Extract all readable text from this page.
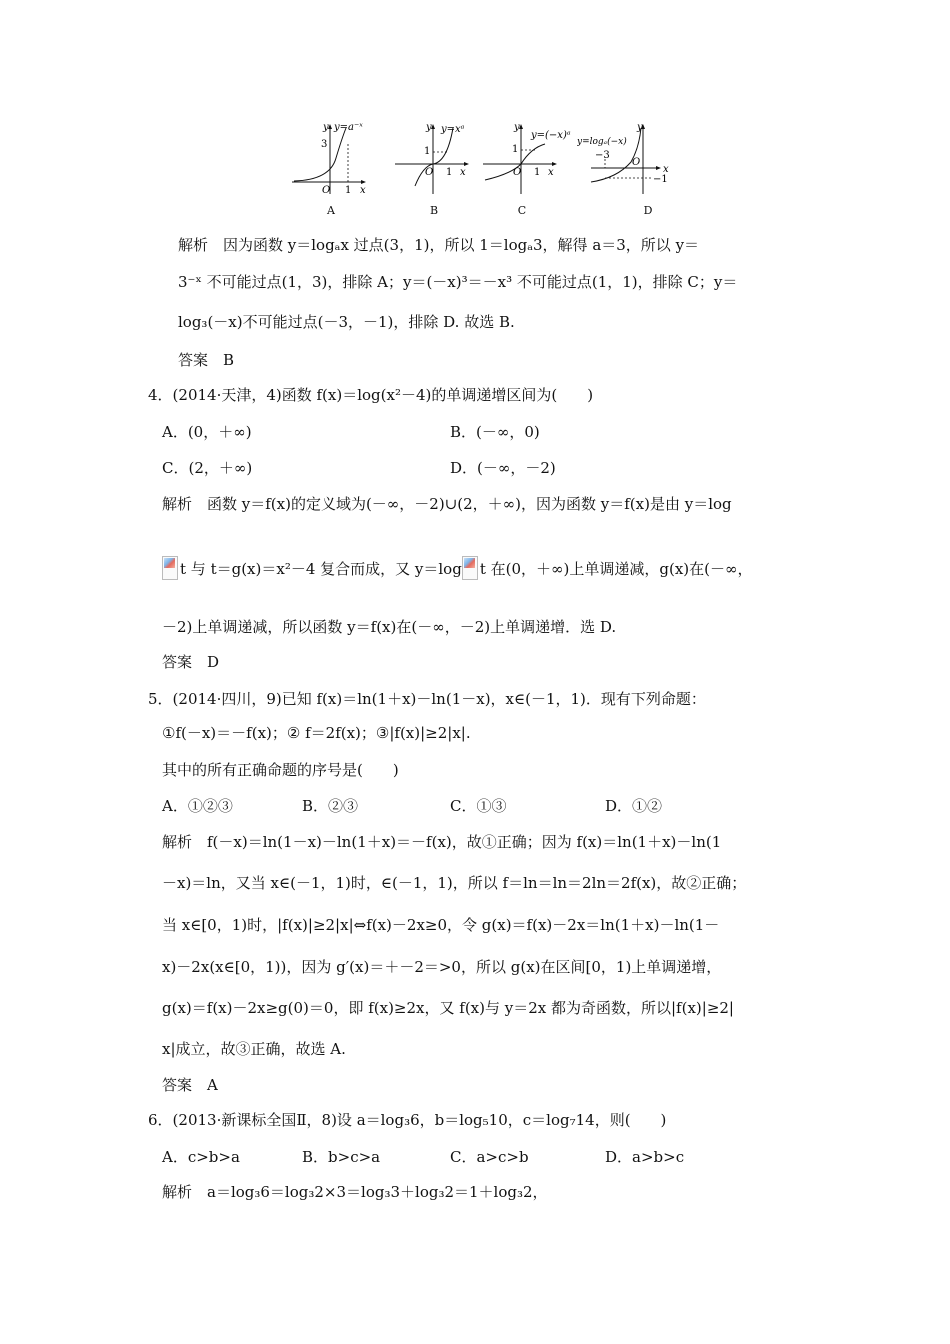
y y=a⁻ˣ
3
O 1 x
A
y y=xᵃ
1
O 1 x
B
y
y=(−x)ᵃ
1
O 1 x
C
y=logₐ(−x)
y
−3
O
x
−1
D
解析　因为函数 y＝logₐx 过点(3，1)，所以 1＝logₐ3，解得 a＝3，所以 y＝
3⁻ˣ 不可能过点(1，3)，排除 A；y＝(－x)³＝－x³ 不可能过点(1，1)，排除 C；y＝
log₃(－x)不可能过点(－3，－1)，排除 D. 故选 B.
答案　B
4．(2014·天津，4)函数 f(x)＝log(x²－4)的单调递增区间为(　　)
A．(0，＋∞)	B．(－∞，0)
C．(2，＋∞)	D．(－∞，－2)
解析　函数 y＝f(x)的定义域为(－∞，－2)∪(2，＋∞)，因为函数 y＝f(x)是由 y＝log
t 与 t＝g(x)＝x²－4 复合而成，又 y＝log t 在(0，＋∞)上单调递减，g(x)在(－∞，
－2)上单调递减，所以函数 y＝f(x)在(－∞，－2)上单调递增．选 D.
答案　D
5．(2014·四川，9)已知 f(x)＝ln(1＋x)－ln(1－x)，x∈(－1，1)．现有下列命题：
①f(－x)＝－f(x)；② f＝2f(x)；③|f(x)|≥2|x|.
其中的所有正确命题的序号是(　　)
A．①②③	B．②③	C．①③	D．①②
解析　f(－x)＝ln(1－x)－ln(1＋x)＝－f(x)，故①正确；因为 f(x)＝ln(1＋x)－ln(1
－x)＝ln，又当 x∈(－1，1)时，∈(－1，1)，所以 f＝ln＝ln＝2ln＝2f(x)，故②正确；
当 x∈[0，1)时，|f(x)|≥2|x|⇔f(x)－2x≥0，令 g(x)＝f(x)－2x＝ln(1＋x)－ln(1－
x)－2x(x∈[0，1))，因为 g′(x)＝＋－2＝>0，所以 g(x)在区间[0，1)上单调递增，
g(x)＝f(x)－2x≥g(0)＝0，即 f(x)≥2x，又 f(x)与 y＝2x 都为奇函数，所以|f(x)|≥2|
x|成立，故③正确，故选 A.
答案　A
6．(2013·新课标全国Ⅱ，8)设 a＝log₃6，b＝log₅10，c＝log₇14，则(　　)
A．c>b>a	B．b>c>a	C．a>c>b	D．a>b>c
解析　a＝log₃6＝log₃2×3＝log₃3＋log₃2＝1＋log₃2，
